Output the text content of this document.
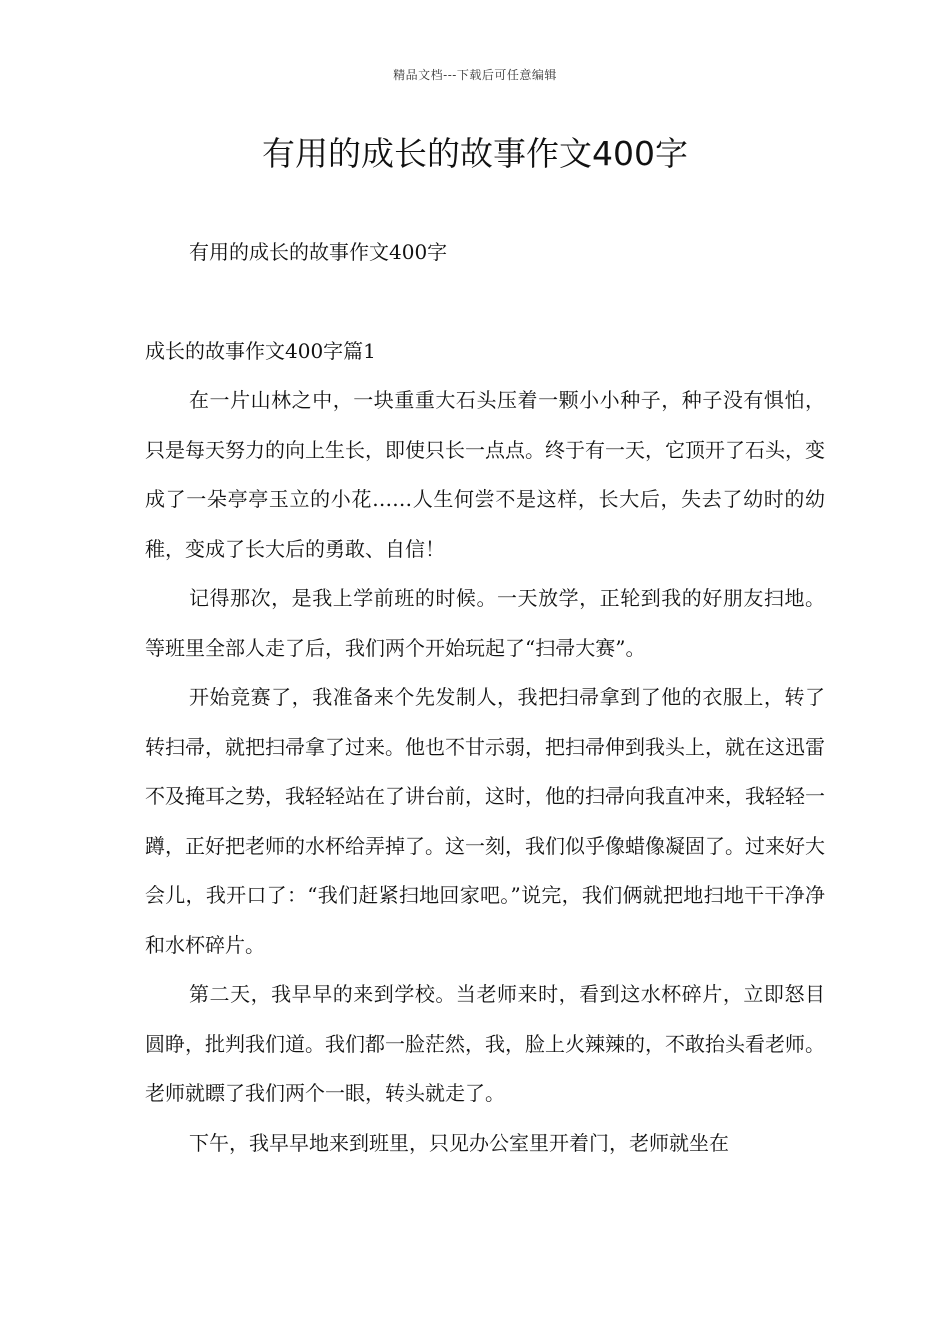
精品文档---下载后可任意编辑
有用的成长的故事作文400字
有用的成长的故事作文400字
成长的故事作文400字篇1

在一片山林之中，一块重重大石头压着一颗小小种子，种子没有惧怕，只是每天努力的向上生长，即使只长一点点。终于有一天，它顶开了石头，变成了一朵亭亭玉立的小花……人生何尝不是这样，长大后，失去了幼时的幼稚，变成了长大后的勇敢、自信！

记得那次，是我上学前班的时候。一天放学，正轮到我的好朋友扫地。等班里全部人走了后，我们两个开始玩起了“扫帚大赛”。

开始竞赛了，我准备来个先发制人，我把扫帚拿到了他的衣服上，转了转扫帚，就把扫帚拿了过来。他也不甘示弱，把扫帚伸到我头上，就在这迅雷不及掩耳之势，我轻轻站在了讲台前，这时，他的扫帚向我直冲来，我轻轻一蹲，正好把老师的水杯给弄掉了。这一刻，我们似乎像蜡像凝固了。过来好大会儿，我开口了：“我们赶紧扫地回家吧。”说完，我们俩就把地扫地干干净净和水杯碎片。

第二天，我早早的来到学校。当老师来时，看到这水杯碎片，立即怒目圆睁，批判我们道。我们都一脸茫然，我，脸上火辣辣的，不敢抬头看老师。老师就瞟了我们两个一眼，转头就走了。

下午，我早早地来到班里，只见办公室里开着门，老师就坐在
